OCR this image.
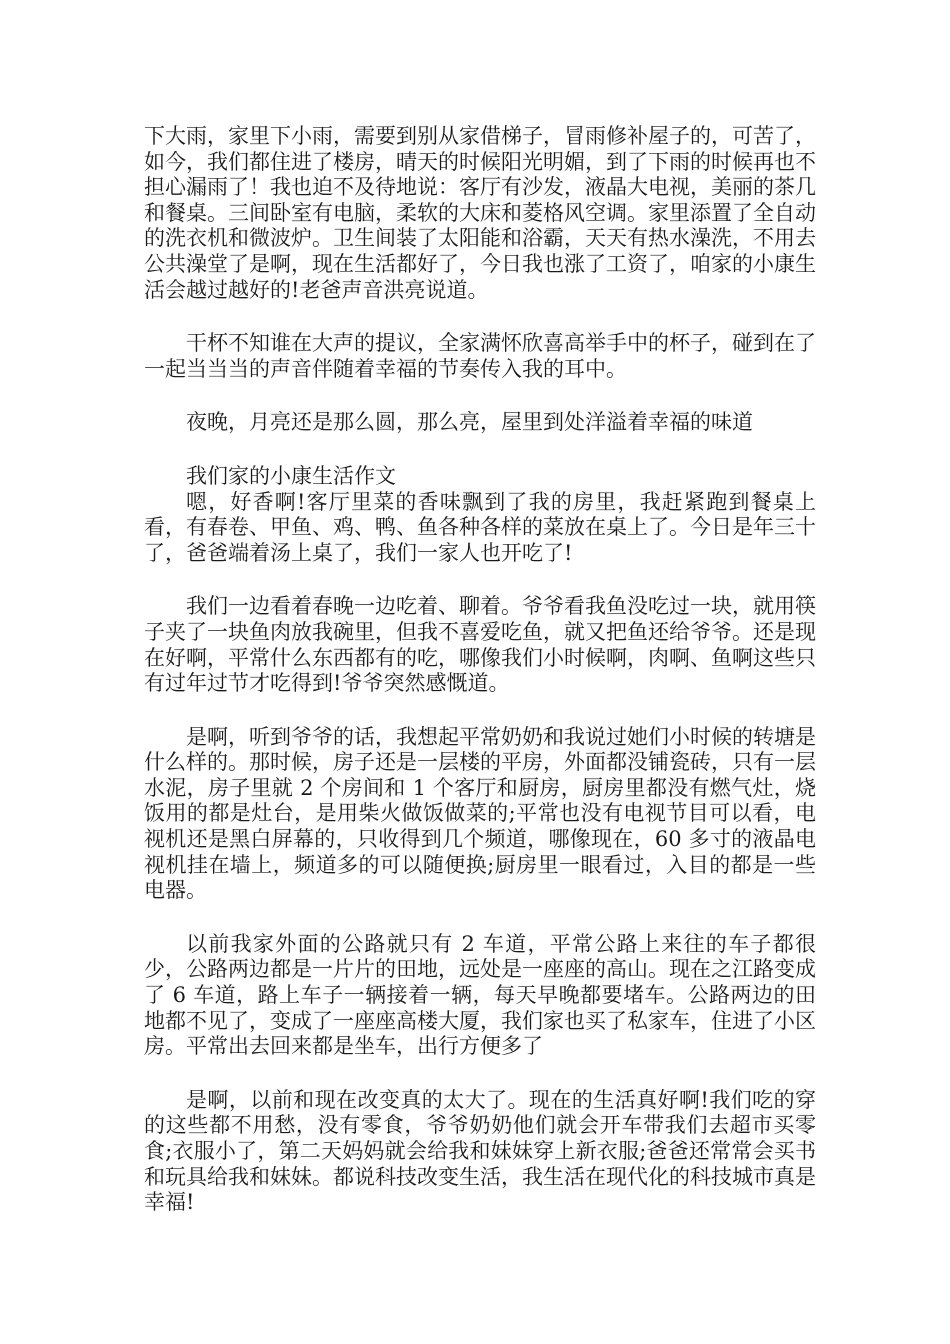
下大雨，家里下小雨，需要到别从家借梯子，冒雨修补屋子的，可苦了，如今，我们都住进了楼房，晴天的时候阳光明媚，到了下雨的时候再也不担心漏雨了！我也迫不及待地说：客厅有沙发，液晶大电视，美丽的茶几和餐桌。三间卧室有电脑，柔软的大床和菱格风空调。家里添置了全自动的洗衣机和微波炉。卫生间装了太阳能和浴霸，天天有热水澡洗，不用去公共澡堂了是啊，现在生活都好了，今日我也涨了工资了，咱家的小康生活会越过越好的!老爸声音洪亮说道。

干杯不知谁在大声的提议，全家满怀欣喜高举手中的杯子，碰到在了一起当当当的声音伴随着幸福的节奏传入我的耳中。

夜晚，月亮还是那么圆，那么亮，屋里到处洋溢着幸福的味道

我们家的小康生活作文

嗯，好香啊!客厅里菜的香味飘到了我的房里，我赶紧跑到餐桌上看，有春卷、甲鱼、鸡、鸭、鱼各种各样的菜放在桌上了。今日是年三十了，爸爸端着汤上桌了，我们一家人也开吃了!

我们一边看着春晚一边吃着、聊着。爷爷看我鱼没吃过一块，就用筷子夹了一块鱼肉放我碗里，但我不喜爱吃鱼，就又把鱼还给爷爷。还是现在好啊，平常什么东西都有的吃，哪像我们小时候啊，肉啊、鱼啊这些只有过年过节才吃得到!爷爷突然感慨道。

是啊，听到爷爷的话，我想起平常奶奶和我说过她们小时候的转塘是什么样的。那时候，房子还是一层楼的平房，外面都没铺瓷砖，只有一层水泥，房子里就 2 个房间和 1 个客厅和厨房，厨房里都没有燃气灶，烧饭用的都是灶台，是用柴火做饭做菜的;平常也没有电视节目可以看，电视机还是黑白屏幕的，只收得到几个频道，哪像现在，60 多寸的液晶电视机挂在墙上，频道多的可以随便换;厨房里一眼看过，入目的都是一些电器。

以前我家外面的公路就只有 2 车道，平常公路上来往的车子都很少，公路两边都是一片片的田地，远处是一座座的高山。现在之江路变成了 6 车道，路上车子一辆接着一辆，每天早晚都要堵车。公路两边的田地都不见了，变成了一座座高楼大厦，我们家也买了私家车，住进了小区房。平常出去回来都是坐车，出行方便多了

是啊，以前和现在改变真的太大了。现在的生活真好啊!我们吃的穿的这些都不用愁，没有零食，爷爷奶奶他们就会开车带我们去超市买零食;衣服小了，第二天妈妈就会给我和妹妹穿上新衣服;爸爸还常常会买书和玩具给我和妹妹。都说科技改变生活，我生活在现代化的科技城市真是幸福!
